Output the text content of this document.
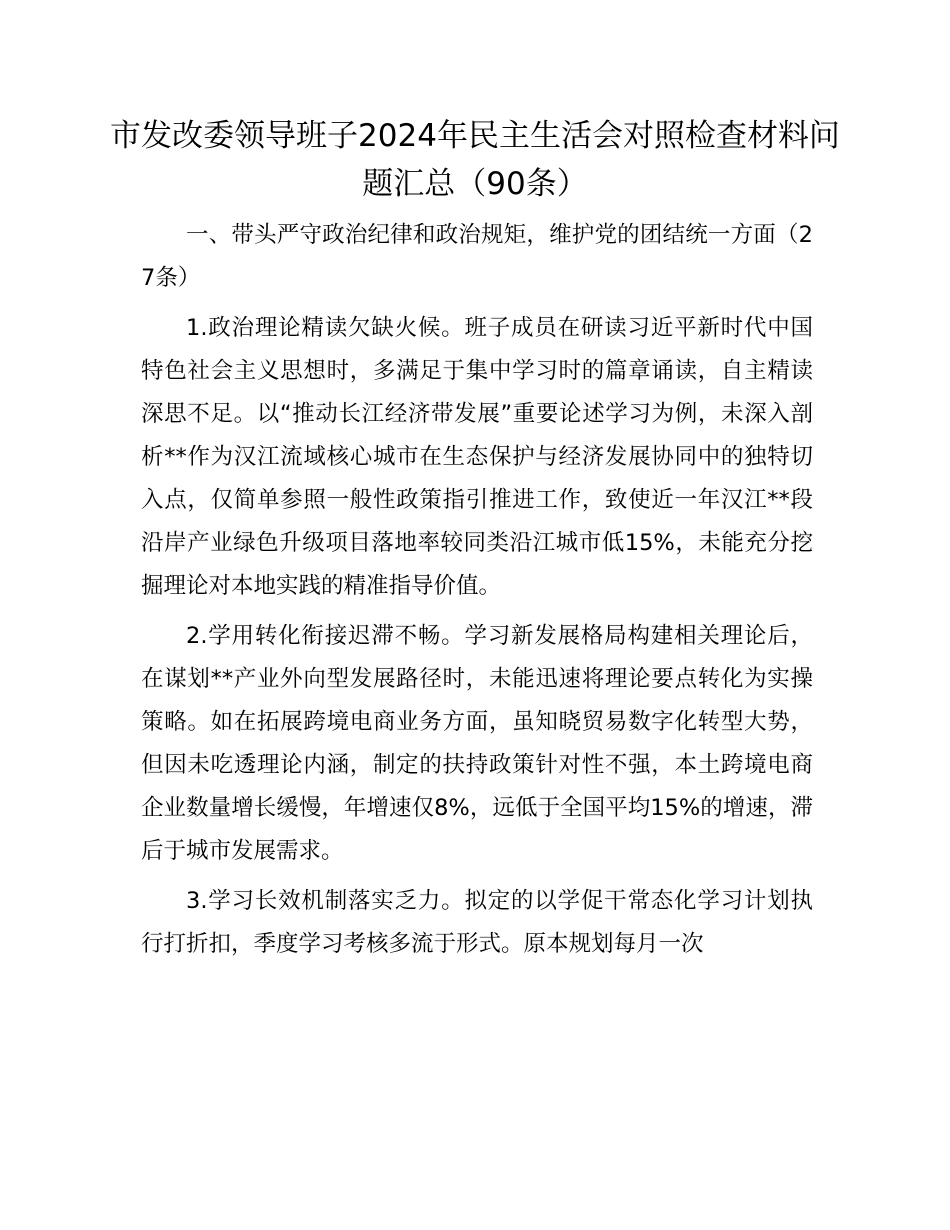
市发改委领导班子2024年民主生活会对照检查材料问题汇总（90条）

一、带头严守政治纪律和政治规矩，维护党的团结统一方面（27条）

1.政治理论精读欠缺火候。班子成员在研读习近平新时代中国特色社会主义思想时，多满足于集中学习时的篇章诵读，自主精读深思不足。以“推动长江经济带发展”重要论述学习为例，未深入剖析**作为汉江流域核心城市在生态保护与经济发展协同中的独特切入点，仅简单参照一般性政策指引推进工作，致使近一年汉江**段沿岸产业绿色升级项目落地率较同类沿江城市低15%，未能充分挖掘理论对本地实践的精准指导价值。

2.学用转化衔接迟滞不畅。学习新发展格局构建相关理论后，在谋划**产业外向型发展路径时，未能迅速将理论要点转化为实操策略。如在拓展跨境电商业务方面，虽知晓贸易数字化转型大势，但因未吃透理论内涵，制定的扶持政策针对性不强，本土跨境电商企业数量增长缓慢，年增速仅8%，远低于全国平均15%的增速，滞后于城市发展需求。

3.学习长效机制落实乏力。拟定的以学促干常态化学习计划执行打折扣，季度学习考核多流于形式。原本规划每月一次
